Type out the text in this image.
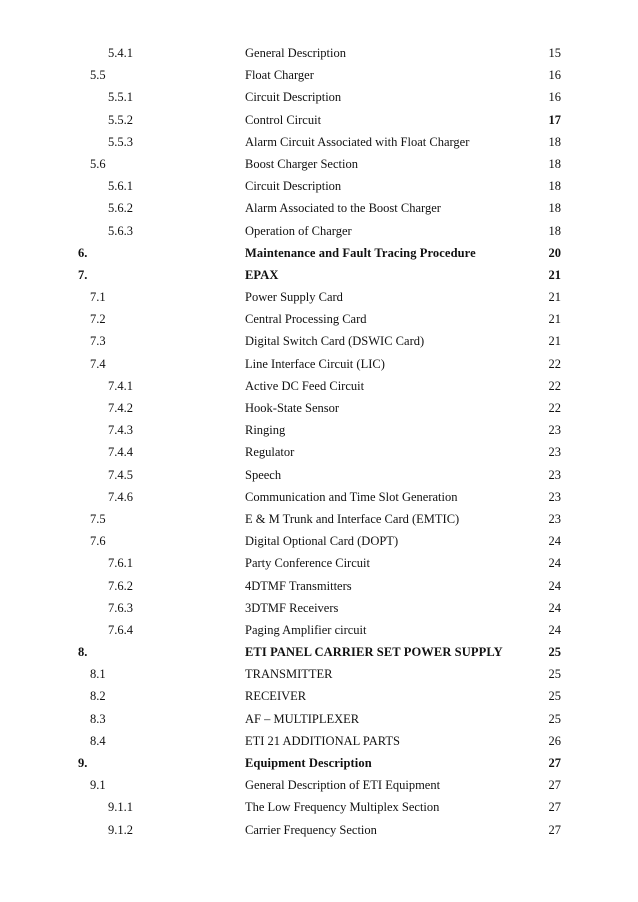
5.4.1	General Description	15
5.5	Float Charger	16
5.5.1	Circuit Description	16
5.5.2	Control Circuit	17
5.5.3	Alarm Circuit Associated with Float Charger	18
5.6	Boost Charger Section	18
5.6.1	Circuit Description	18
5.6.2	Alarm Associated to the Boost Charger	18
5.6.3	Operation of Charger	18
6.	Maintenance and Fault Tracing Procedure	20
7.	EPAX	21
7.1	Power Supply Card	21
7.2	Central Processing Card	21
7.3	Digital Switch Card (DSWIC Card)	21
7.4	Line Interface Circuit (LIC)	22
7.4.1	Active DC Feed Circuit	22
7.4.2	Hook-State Sensor	22
7.4.3	Ringing	23
7.4.4	Regulator	23
7.4.5	Speech	23
7.4.6	Communication and Time Slot Generation	23
7.5	E & M Trunk and Interface Card (EMTIC)	23
7.6	Digital Optional Card (DOPT)	24
7.6.1	Party Conference Circuit	24
7.6.2	4DTMF Transmitters	24
7.6.3	3DTMF Receivers	24
7.6.4	Paging Amplifier circuit	24
8.	ETI PANEL CARRIER SET POWER SUPPLY	25
8.1	TRANSMITTER	25
8.2	RECEIVER	25
8.3	AF – MULTIPLEXER	25
8.4	ETI 21 ADDITIONAL PARTS	26
9.	Equipment Description	27
9.1	General Description of ETI Equipment	27
9.1.1	The Low Frequency Multiplex Section	27
9.1.2	Carrier Frequency Section	27
